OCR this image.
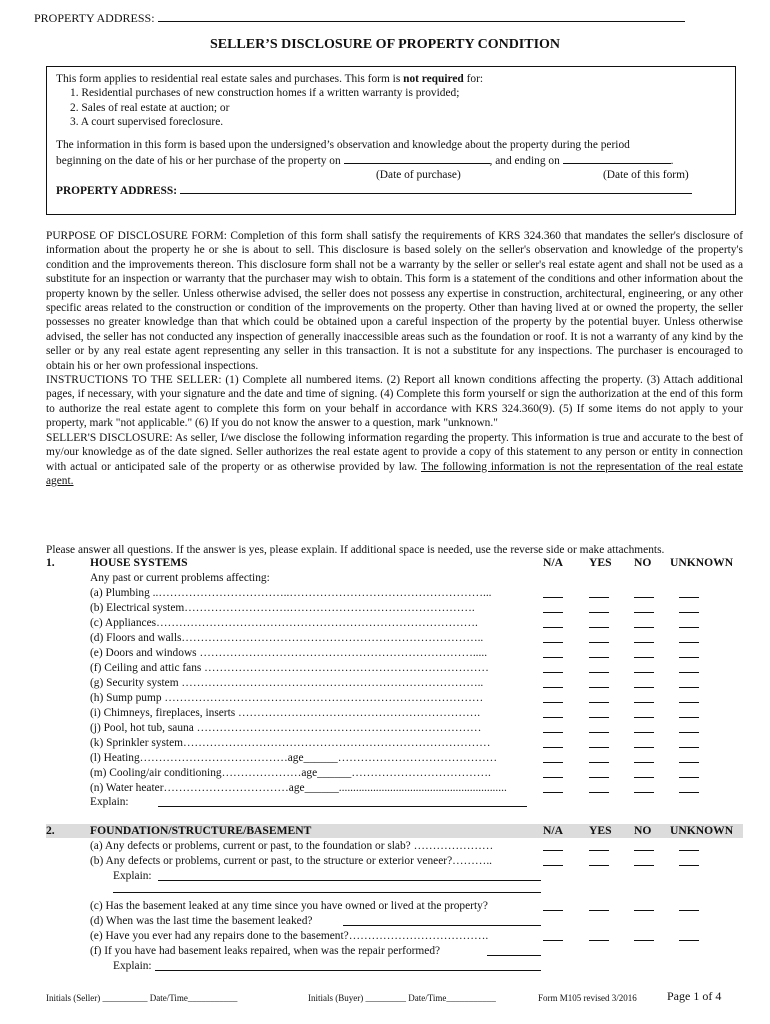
PROPERTY ADDRESS:
SELLER’S DISCLOSURE OF PROPERTY CONDITION

This form applies to residential real estate sales and purchases. This form is not required for:

1. Residential purchases of new construction homes if a written warranty is provided;

2. Sales of real estate at auction; or

3. A court supervised foreclosure.

The information in this form is based upon the undersigned’s observation and knowledge about the property during the period

beginning on the date of his or her purchase of the property on	, and ending on	.

(Date of purchase)	(Date of this form)

PROPERTY ADDRESS:

PURPOSE OF DISCLOSURE FORM: Completion of this form shall satisfy the requirements of KRS 324.360 that mandates the seller's disclosure of information about the property he or she is about to sell. This disclosure is based solely on the seller's observation and knowledge of the property's condition and the improvements thereon. This disclosure form shall not be a warranty by the seller or seller's real estate agent and shall not be used as a substitute for an inspection or warranty that the purchaser may wish to obtain. This form is a statement of the conditions and other information about the property known by the seller. Unless otherwise advised, the seller does not possess any expertise in construction, architectural, engineering, or any other specific areas related to the construction or condition of the improvements on the property. Other than having lived at or owned the property, the seller possesses no greater knowledge than that which could be obtained upon a careful inspection of the property by the potential buyer. Unless otherwise advised, the seller has not conducted any inspection of generally inaccessible areas such as the foundation or roof. It is not a warranty of any kind by the seller or by any real estate agent representing any seller in this transaction. It is not a substitute for any inspections. The purchaser is encouraged to obtain his or her own professional inspections.

INSTRUCTIONS TO THE SELLER: (1) Complete all numbered items. (2) Report all known conditions affecting the property. (3) Attach additional pages, if necessary, with your signature and the date and time of signing. (4) Complete this form yourself or sign the authorization at the end of this form to authorize the real estate agent to complete this form on your behalf in accordance with KRS 324.360(9). (5) If some items do not apply to your property, mark "not applicable." (6) If you do not know the answer to a question, mark "unknown."

SELLER'S DISCLOSURE: As seller, I/we disclose the following information regarding the property. This information is true and accurate to the best of my/our knowledge as of the date signed. Seller authorizes the real estate agent to provide a copy of this statement to any person or entity in connection with actual or anticipated sale of the property or as otherwise provided by law. The following information is not the representation of the real estate agent.

Please answer all questions. If the answer is yes, please explain. If additional space is needed, use the reverse side or make attachments.
1.	HOUSE SYSTEMS	N/A YES NO UNKNOWN
Any past or current problems affecting:
(a) Plumbing ..……………………………..……………………………………………...
(b) Electrical system……………………….………………………………………….
(c) Appliances………………………………………………………………………….
(d) Floors and walls……………………………………………………………………..
(e) Doors and windows ……………………………………………………………….....
(f) Ceiling and attic fans …………………………………………………………………
(g) Security system ……………………………………………………………………..
(h) Sump pump …………………………………………………………………………
(i) Chimneys, fireplaces, inserts ……………………………………………………….
(j) Pool, hot tub, sauna …………………………………………………………………
(k) Sprinkler system………………………………………………………………………
(l) Heating…………………………………age______……………………………………
(m) Cooling/air conditioning…………………age______……………………………….
(n) Water heater……………………………age______...........................................................
Explain:
2.	FOUNDATION/STRUCTURE/BASEMENT	N/A YES NO UNKNOWN
(a) Any defects or problems, current or past, to the foundation or slab? …………………
(b) Any defects or problems, current or past, to the structure or exterior veneer?………..
Explain:
(c) Has the basement leaked at any time since you have owned or lived at the property?
(d) When was the last time the basement leaked?
(e) Have you ever had any repairs done to the basement?……………………………….
(f) If you have had basement leaks repaired, when was the repair performed?
Explain:
Initials (Seller) __________ Date/Time___________	Initials (Buyer) _________ Date/Time___________	Form M105 revised 3/2016	Page 1 of 4
